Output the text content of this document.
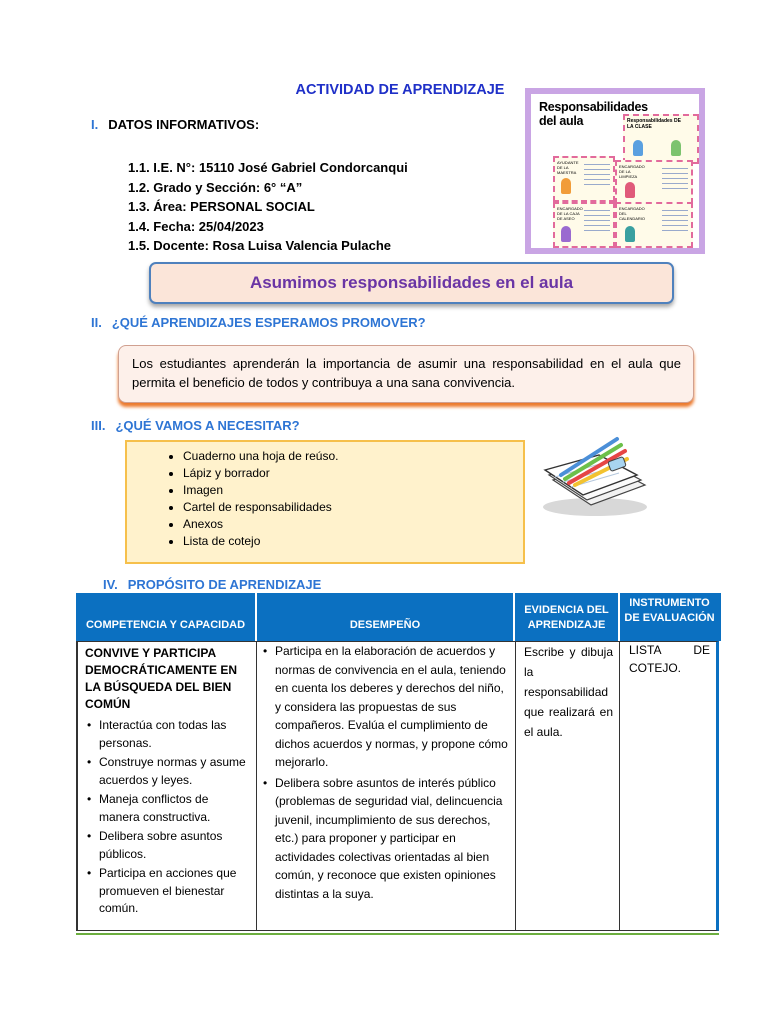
ACTIVIDAD DE APRENDIZAJE
I. DATOS INFORMATIVOS:
1.1. I.E. N°: 15110 José Gabriel Condorcanqui
1.2. Grado y Sección: 6° “A”
1.3. Área: PERSONAL SOCIAL
1.4. Fecha: 25/04/2023
1.5. Docente: Rosa Luisa Valencia Pulache
Responsabilidades del aula	Responsabilidades DE LA CLASE
AYUDANTE DE LA MAESTRA
ENCARGADO DE LA LIMPIEZA
ENCARGADO DE LA CAJA DE ASEO
ENCARGADO DEL CALENDARIO
Asumimos responsabilidades en el aula
II. ¿QUÉ APRENDIZAJES ESPERAMOS PROMOVER?

Los estudiantes aprenderán la importancia de asumir una responsabilidad en el aula que permita el beneficio de todos y contribuya a una sana convivencia.

III. ¿QUÉ VAMOS A NECESITAR?
• Cuaderno una hoja de reúso.
• Lápiz y borrador
• Imagen
• Cartel de responsabilidades
• Anexos
• Lista de cotejo
IV. PROPÓSITO DE APRENDIZAJE
COMPETENCIA Y CAPACIDAD	DESEMPEÑO
EVIDENCIA DEL APRENDIZAJE
INSTRUMENTO DE EVALUACIÓN
CONVIVE Y PARTICIPA DEMOCRÁTICAMENTE EN LA BÚSQUEDA DEL BIEN COMÚN
• Interactúa con todas las personas.
• Construye normas y asume acuerdos y leyes.
• Maneja conflictos de manera constructiva.
• Delibera sobre asuntos públicos.
• Participa en acciones que promueven el bienestar común.
• Participa en la elaboración de acuerdos y normas de convivencia en el aula, teniendo en cuenta los deberes y derechos del niño, y considera las propuestas de sus compañeros. Evalúa el cumplimiento de dichos acuerdos y normas, y propone cómo mejorarlo.
• Delibera sobre asuntos de interés público (problemas de seguridad vial, delincuencia juvenil, incumplimiento de sus derechos, etc.) para proponer y participar en actividades colectivas orientadas al bien común, y reconoce que existen opiniones distintas a la suya.
Escribe y dibuja la responsabilidad que realizará en el aula.
LISTA DE COTEJO.
